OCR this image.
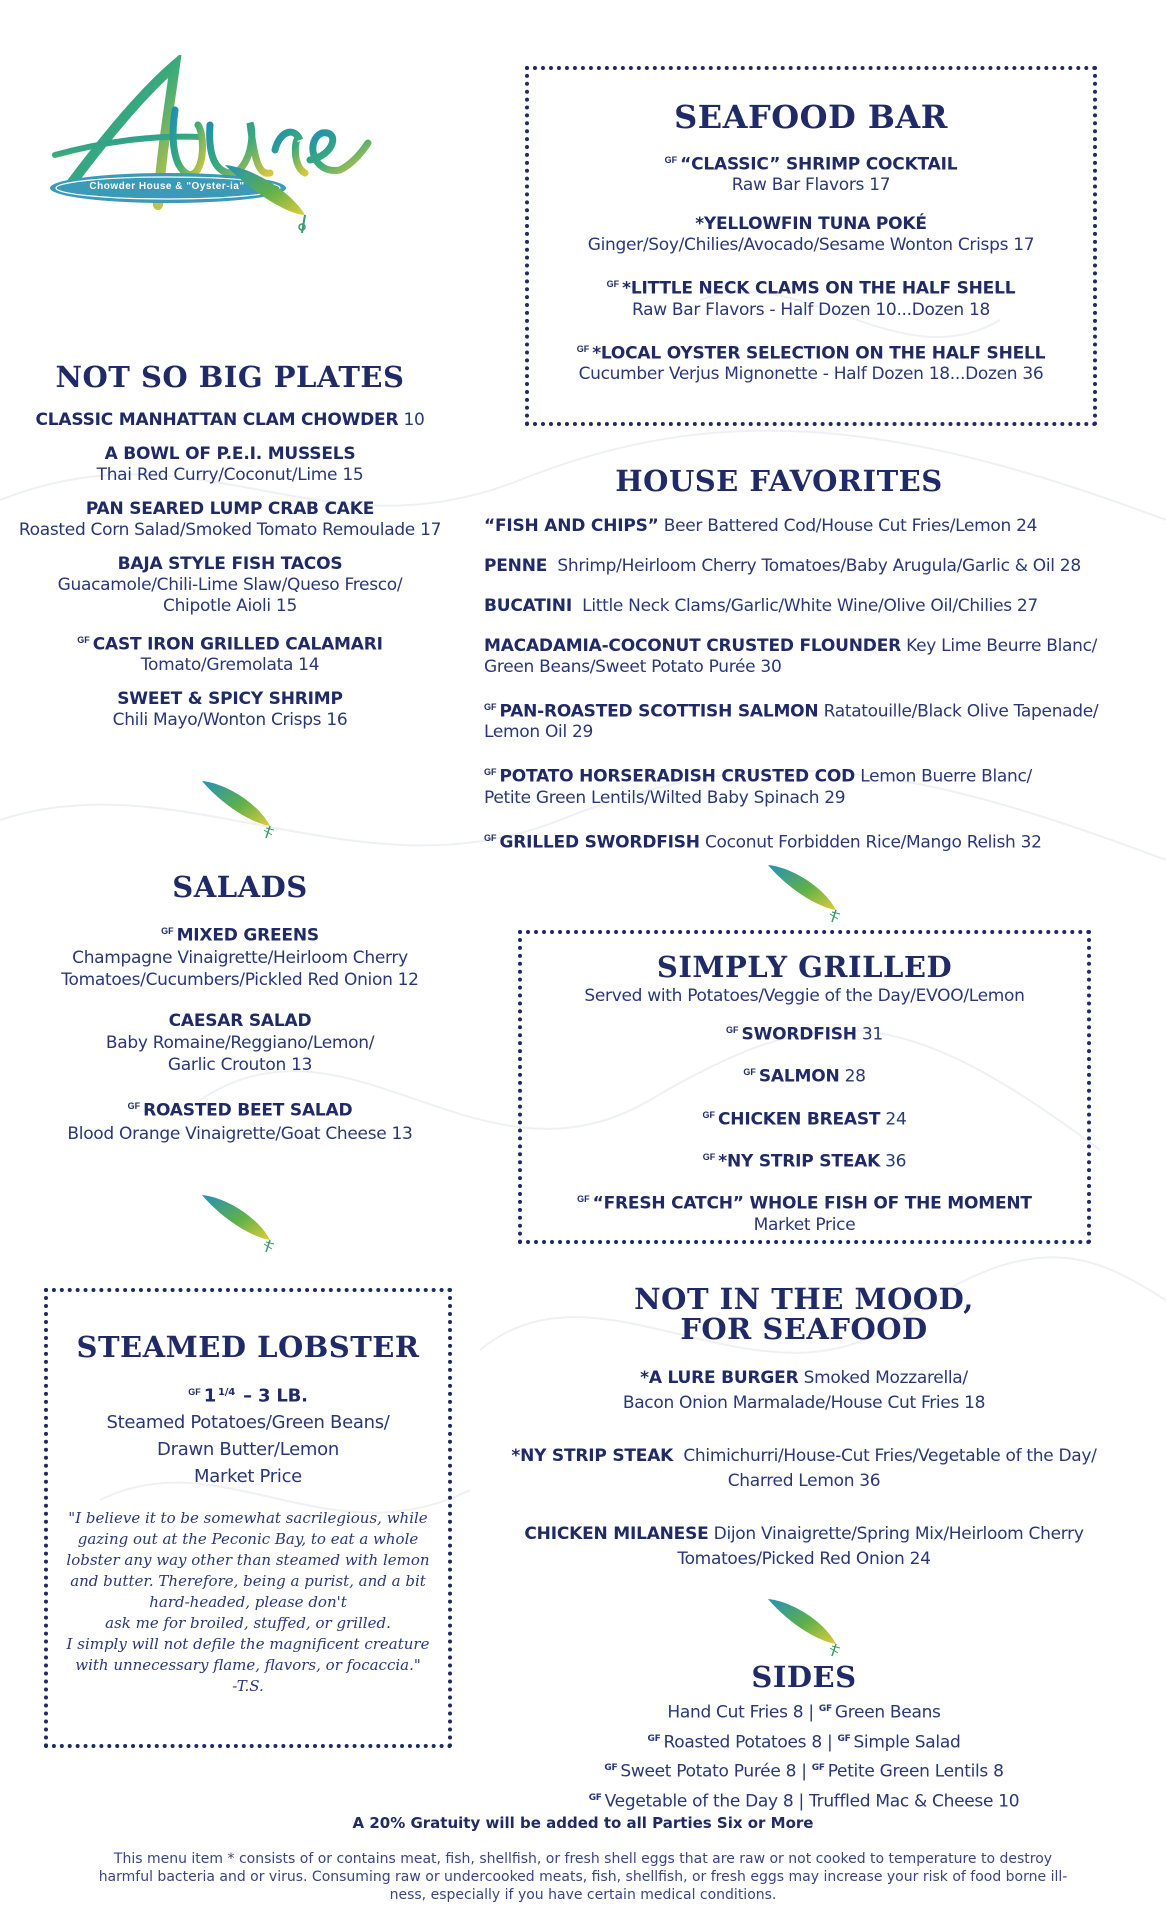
Chowder House & "Oyster-ia"
SEAFOOD BAR
$^{GF}$ “CLASSIC” SHRIMP COCKTAIL
Raw Bar Flavors 17
*YELLOWFIN TUNA POKÉ
Ginger/Soy/Chilies/Avocado/Sesame Wonton Crisps 17
$^{GF}$ *LITTLE NECK CLAMS ON THE HALF SHELL
Raw Bar Flavors - Half Dozen 10...Dozen 18
$^{GF}$ *LOCAL OYSTER SELECTION ON THE HALF SHELL
Cucumber Verjus Mignonette - Half Dozen 18...Dozen 36
NOT SO BIG PLATES
CLASSIC MANHATTAN CLAM CHOWDER 10
A BOWL OF P.E.I. MUSSELS
Thai Red Curry/Coconut/Lime 15
PAN SEARED LUMP CRAB CAKE
Roasted Corn Salad/Smoked Tomato Remoulade 17
BAJA STYLE FISH TACOS
Guacamole/Chili-Lime Slaw/Queso Fresco/
Chipotle Aioli 15
$^{GF}$ CAST IRON GRILLED CALAMARI
Tomato/Gremolata 14
SWEET & SPICY SHRIMP
Chili Mayo/Wonton Crisps 16
SALADS
$^{GF}$ MIXED GREENS
Champagne Vinaigrette/Heirloom Cherry
Tomatoes/Cucumbers/Pickled Red Onion 12
CAESAR SALAD
Baby Romaine/Reggiano/Lemon/
Garlic Crouton 13
$^{GF}$ ROASTED BEET SALAD
Blood Orange Vinaigrette/Goat Cheese 13
HOUSE FAVORITES
“FISH AND CHIPS” Beer Battered Cod/House Cut Fries/Lemon 24
PENNE  Shrimp/Heirloom Cherry Tomatoes/Baby Arugula/Garlic & Oil 28
BUCATINI  Little Neck Clams/Garlic/White Wine/Olive Oil/Chilies 27
MACADAMIA-COCONUT CRUSTED FLOUNDER Key Lime Beurre Blanc/
Green Beans/Sweet Potato Purée 30
$^{GF}$ PAN-ROASTED SCOTTISH SALMON Ratatouille/Black Olive Tapenade/
Lemon Oil 29
$^{GF}$ POTATO HORSERADISH CRUSTED COD Lemon Buerre Blanc/
Petite Green Lentils/Wilted Baby Spinach 29
$^{GF}$ GRILLED SWORDFISH Coconut Forbidden Rice/Mango Relish 32
SIMPLY GRILLED
Served with Potatoes/Veggie of the Day/EVOO/Lemon
$^{GF}$ SWORDFISH 31
$^{GF}$ SALMON 28
$^{GF}$ CHICKEN BREAST 24
$^{GF}$ *NY STRIP STEAK 36
$^{GF}$ “FRESH CATCH” WHOLE FISH OF THE MOMENT
Market Price
STEAMED LOBSTER
$^{GF}$ 1 $^{1/4}$ – 3 LB.
Steamed Potatoes/Green Beans/
Drawn Butter/Lemon
Market Price
"I believe it to be somewhat sacrilegious, while
gazing out at the Peconic Bay, to eat a whole
lobster any way other than steamed with lemon
and butter. Therefore, being a purist, and a bit
hard-headed, please don't
ask me for broiled, stuffed, or grilled.
I simply will not defile the magnificent creature
with unnecessary flame, flavors, or focaccia."
-T.S.
NOT IN THE MOOD,
FOR SEAFOOD
*A LURE BURGER Smoked Mozzarella/
Bacon Onion Marmalade/House Cut Fries 18
*NY STRIP STEAK  Chimichurri/House-Cut Fries/Vegetable of the Day/
Charred Lemon 36
CHICKEN MILANESE Dijon Vinaigrette/Spring Mix/Heirloom Cherry
Tomatoes/Picked Red Onion 24
SIDES
Hand Cut Fries 8 | $^{GF}$ Green Beans
$^{GF}$ Roasted Potatoes 8 | $^{GF}$ Simple Salad
$^{GF}$ Sweet Potato Purée 8 | $^{GF}$ Petite Green Lentils 8
$^{GF}$ Vegetable of the Day 8 | Truffled Mac & Cheese 10
A 20% Gratuity will be added to all Parties Six or More
This menu item * consists of or contains meat, fish, shellfish, or fresh shell eggs that are raw or not cooked to temperature to destroy
harmful bacteria and or virus. Consuming raw or undercooked meats, fish, shellfish, or fresh eggs may increase your risk of food borne ill-
ness, especially if you have certain medical conditions.
